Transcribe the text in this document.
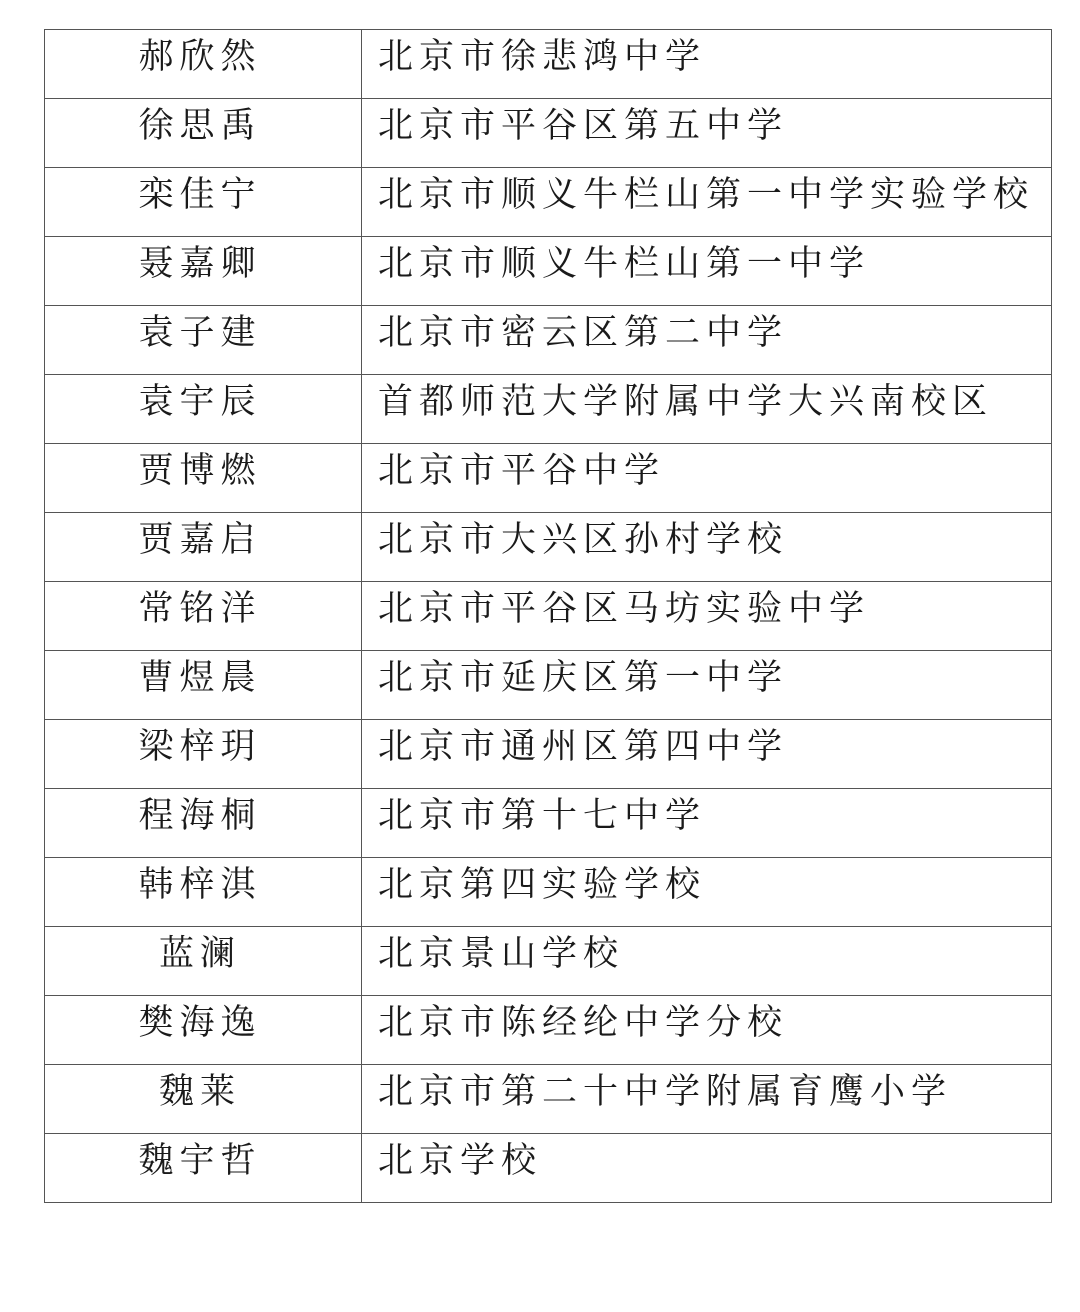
郝欣然	北京市徐悲鸿中学
徐思禹	北京市平谷区第五中学
栾佳宁	北京市顺义牛栏山第一中学实验学校
聂嘉卿	北京市顺义牛栏山第一中学
袁子建	北京市密云区第二中学
袁宇辰	首都师范大学附属中学大兴南校区
贾博燃	北京市平谷中学
贾嘉启	北京市大兴区孙村学校
常铭洋	北京市平谷区马坊实验中学
曹煜晨	北京市延庆区第一中学
梁梓玥	北京市通州区第四中学
程海桐	北京市第十七中学
韩梓淇	北京第四实验学校
蓝澜	北京景山学校
樊海逸	北京市陈经纶中学分校
魏莱	北京市第二十中学附属育鹰小学
魏宇哲	北京学校
